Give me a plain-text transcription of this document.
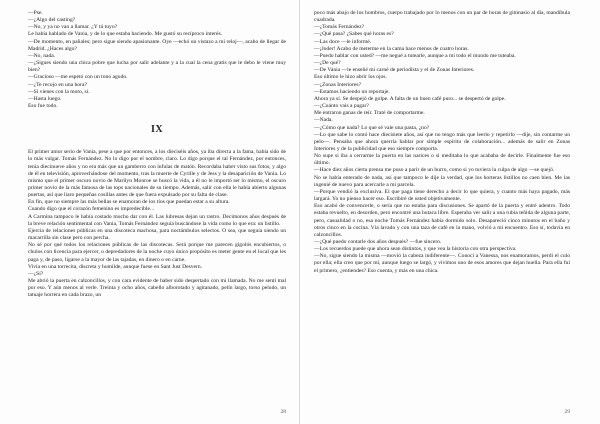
—Pse.

—¿Algo del casting?

—No, y ya no van a llamar. ¿Y tú tuyo?

Le había hablado de Vania, y de lo que estaba haciendo. Me gustó su recíproco interés.

—De momento, en pañales; pero sigue siendo apasionante. Oye —echó un vistazo a mi reloj—, acabo de llegar de Madrid. ¿Haces algo?

—No, nada.

—¿Sigues siendo una chica pobre que lucha por salir adelante y a la cual la cena gratis que le debo le viene muy bien?

—Gracioso —me espetó con un tono agudo.

—¿Te recojo en una hora?

—Si vienes con la moto, sí.

—Hasta luego.

Eso fue todo.

IX

El primer amor serio de Vania, pese a que por entonces, a los dieciséis años, ya iba directa a la fama, había sido de lo más vulgar. Tomás Fernández. No lo digo por el nombre, claro. Lo digo porque el tal Fernández, por entonces, tenía diecinueve años y no era más que un gamberro con ínfulas de matón. Recordaba haber visto sus fotos, y algo de él en televisión, aprovechándose del momento, tras la muerte de Cyrille y de Jess y la desaparición de Vania. Lo mismo que el primer oscuro novio de Marilyn Monroe se buscó la vida, a él no le importó ser lo mismo, el oscuro primer novio de la más famosa de las tops nacionales de su tiempo. Además, salir con ella le había abierto algunas puertas, así que liaro pequeñas cosillas antes de que fuera expulsado por su falta de clase.

En fin, que no siempre las más bellas se enamoran de los tíos que puedan estar a su altura.

Cuando digo que el corazón femenino es impredecible...

A Carmina tampoco le había costado mucho dar con él. Las lubresas dejan un rastro. Decimonos años después de la breve relación sentimental con Vania, Tomás Fernández seguía buscándose la vida como lo que era: un listillo.

Ejercía de relaciones públicas en una discoteca machosa, para noctámbulos selectos. O sea, que seguía siendo un macarrilla sin clase pero con percha.

No sé por qué todos los relaciones públicas de las discotecas. Será porque me parecen gigolós encubiertos, o chulos con licencia para ejercer, o depredadores de la noche cuyo único propósito es meter gente en el local que les paga y, de paso, ligarse a la mayor de las tajadas, en dinero o en carne.

Vivía en una torrecita, discreta y humilde, aunque fuese en Sant Just Desvern.

—¿Sí?

Me abrió la puerta en calzoncillos, y con cara evidente de haber sido despertado con mi llamada. No me sentí mal por eso. Y aún menos al verle. Treinta y ocho años, cabello alborotado y agitanado, pelín largo, torso peludo, un tatuaje horrera en cada brazo, un

28

poco más abajo de los hombros, cuerpo trabajado por lo menos con un par de horas de gimnasio al día, mandíbula cuadrada.

—¿Tomás Fernández?

—¿Qué pasa? ¿Sabes qué horas es?

—Las doce —le informé.

—¡Joder! Acabo de meterme en la cama hace menos de cuatro horas.

—Puedo hablar con usted? —me negué a tutearle, aunque a mí todo el mundo me tuteaba.

—¿De qué?

—De Vania —le enseñé mi carné de periodista y el de Zonas Interiores.

Eso último le hizo abrir los ojos.

—¿Zonas Interiores?

—Estamos haciendo un reportaje.

Ahora ya sí. Se despejó de golpe. A falta de un buen café puro... se despertó de golpe.

—¿Cuánto vais a pagar?

Me entraron ganas de reír. Traté de comportarme.

—Nada.

—¿Cómo que nada? Lo que sé vale una pasta, ¿no?

—Lo que sabe lo contó hace diecisiete años, así que no tengo más que leerlo y repetirlo —dije, sin contarme un pelo—. Pensaba que ahora querría hablar por simple espíritu de colaboración... además de salir en Zonas Interiores y de la publicidad que eso siempre comporta.

No supe si iba a cerrarme la puerta en las narices o si meditaba lo que acababa de decirle. Finalmente fue eso último.

—Hace diez años cierta prensa me puso a parir de un burro, como si yo tuviera la culpa de algo —se quejó.

No se había enterado de nada, así que tampoco le dije la verdad, que los horteras listillos no caen bien. Me las ingenié de nuevo para acercarle a mi parcela.

—Porque vendió la exclusiva. El que paga tiene derecho a decir lo que quiera, y cuanto más haya pagado, más largará. Yo no pienso hacer eso. Escribiré de usted objetivamente.

Eso acabó de convencerle, o sería que no estaba para discusiones. Se apartó de la puerta y entré adentro. Todo estaba revuelto, en desorden, pero encontré una butaca libre. Esperaba ver salir a una rubia teñida de alguna parte, pero, casualidad o no, esa noche Tomás Fernández había dormido solo. Desapareció cinco minutos en el baño y otros cinco en la cocina. Vía lavado y con una taza de café en la mano, volvió a mi encuentro. Eso sí, todavía en calzoncillos.

—¿Qué puedo contarle dos años después? —fue sincero.

—Los recuerdos puede que ahora sean distintos, y que vea la historia con otra perspectiva.

—No, sigue siendo la misma —movió la cabeza indiferente—. Conocí a Vanessa, nos enamoramos, perdí el culo por ella; ella creo que por mí, aunque luego se largó, y vivimos uno de esos amores que dejan huella. Para ella fui el primero, ¿entiendes? Eso cuenta, y más en una chica.

29
